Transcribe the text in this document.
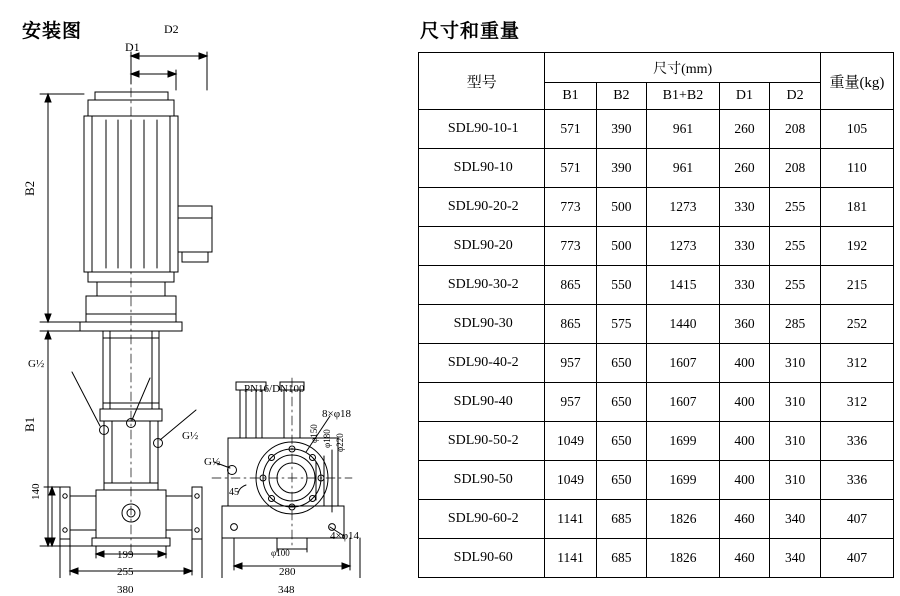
安装图	D2
D1
B2
B1
140
199
255
380
G½
G½
G½
PN16/DN100
8×φ18
4×φ14
φ150 φ180 φ220
φ100
280
348
45
尺寸和重量
型号	尺寸(mm)					重量(kg)
	B1	B2	B1+B2	D1	D2	
SDL90-10-1	571	390	961	260	208	105
SDL90-10	571	390	961	260	208	110
SDL90-20-2	773	500	1273	330	255	181
SDL90-20	773	500	1273	330	255	192
SDL90-30-2	865	550	1415	330	255	215
SDL90-30	865	575	1440	360	285	252
SDL90-40-2	957	650	1607	400	310	312
SDL90-40	957	650	1607	400	310	312
SDL90-50-2	1049	650	1699	400	310	336
SDL90-50	1049	650	1699	400	310	336
SDL90-60-2	1141	685	1826	460	340	407
SDL90-60	1141	685	1826	460	340	407
